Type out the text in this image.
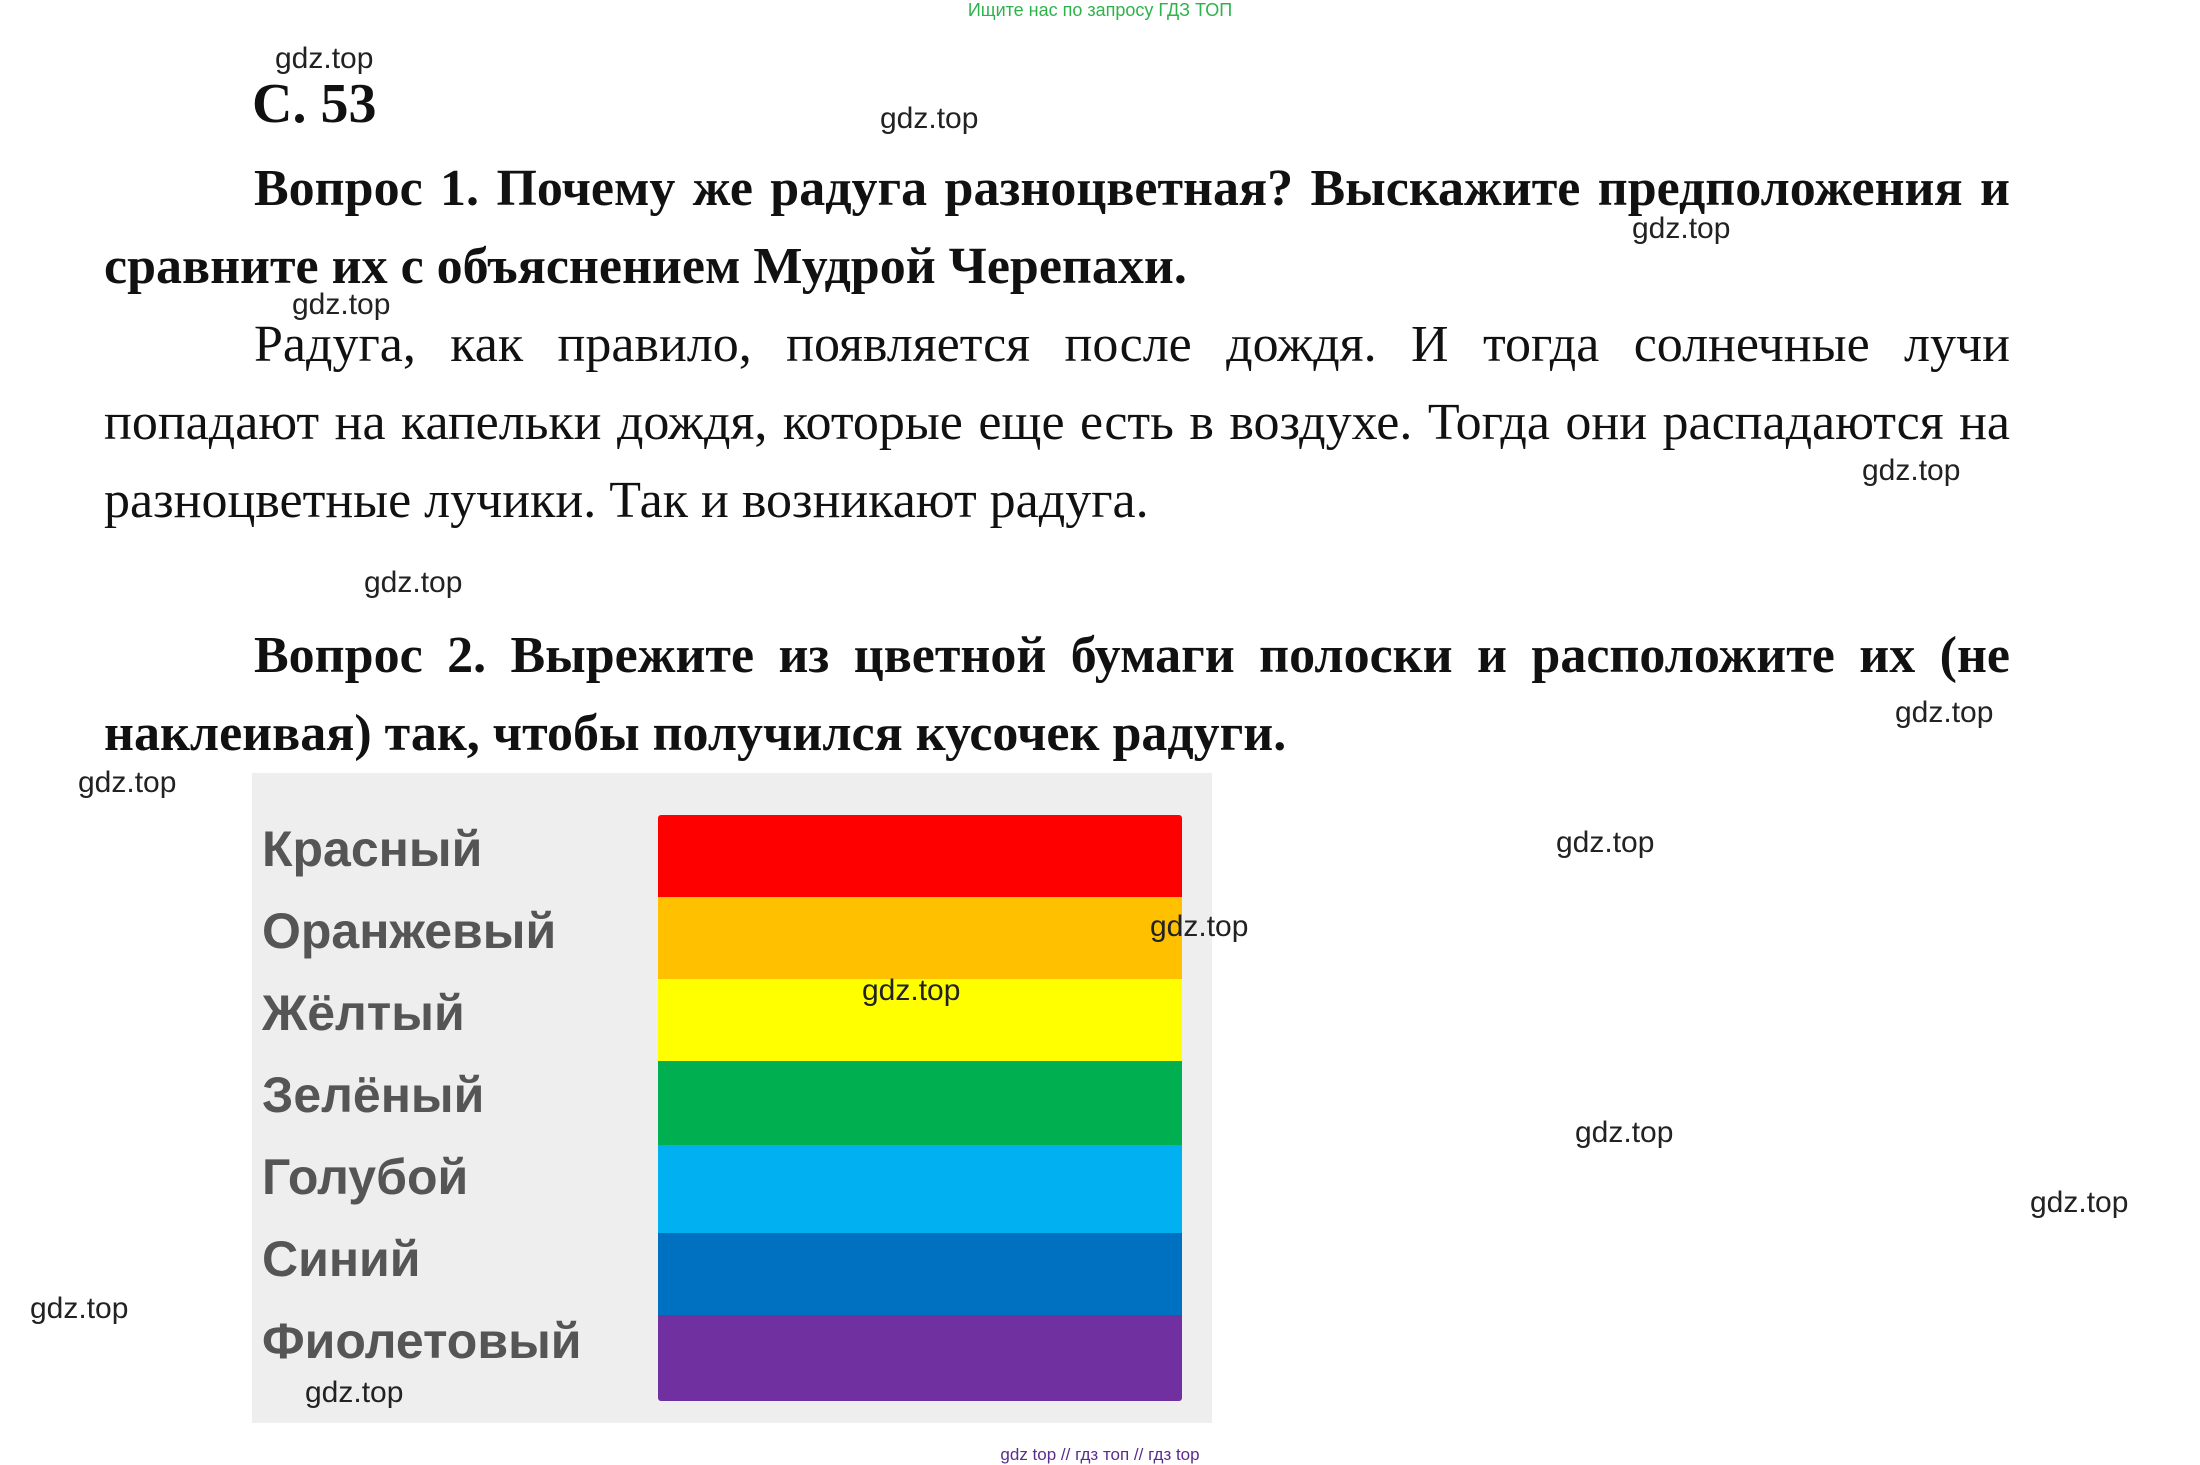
Ищите нас по запросу ГДЗ ТОП
С. 53
Вопрос 1. Почему же радуга разноцветная? Выскажите предположения и сравните их с объяснением Мудрой Черепахи.
Радуга, как правило, появляется после дождя. И тогда солнечные лучи попадают на капельки дождя, которые еще есть в воздухе. Тогда они распадаются на разноцветные лучики. Так и возникают радуга.
Вопрос 2. Вырежите из цветной бумаги полоски и расположите их (не наклеивая) так, чтобы получился кусочек радуги.
Красный
Оранжевый
Жёлтый
Зелёный
Голубой
Синий
Фиолетовый
gdz.top
gdz.top
gdz.top
gdz.top
gdz.top
gdz.top
gdz.top
gdz.top
gdz.top
gdz.top
gdz.top
gdz.top
gdz.top
gdz.top
gdz.top
gdz top // гдз топ // гдз top
